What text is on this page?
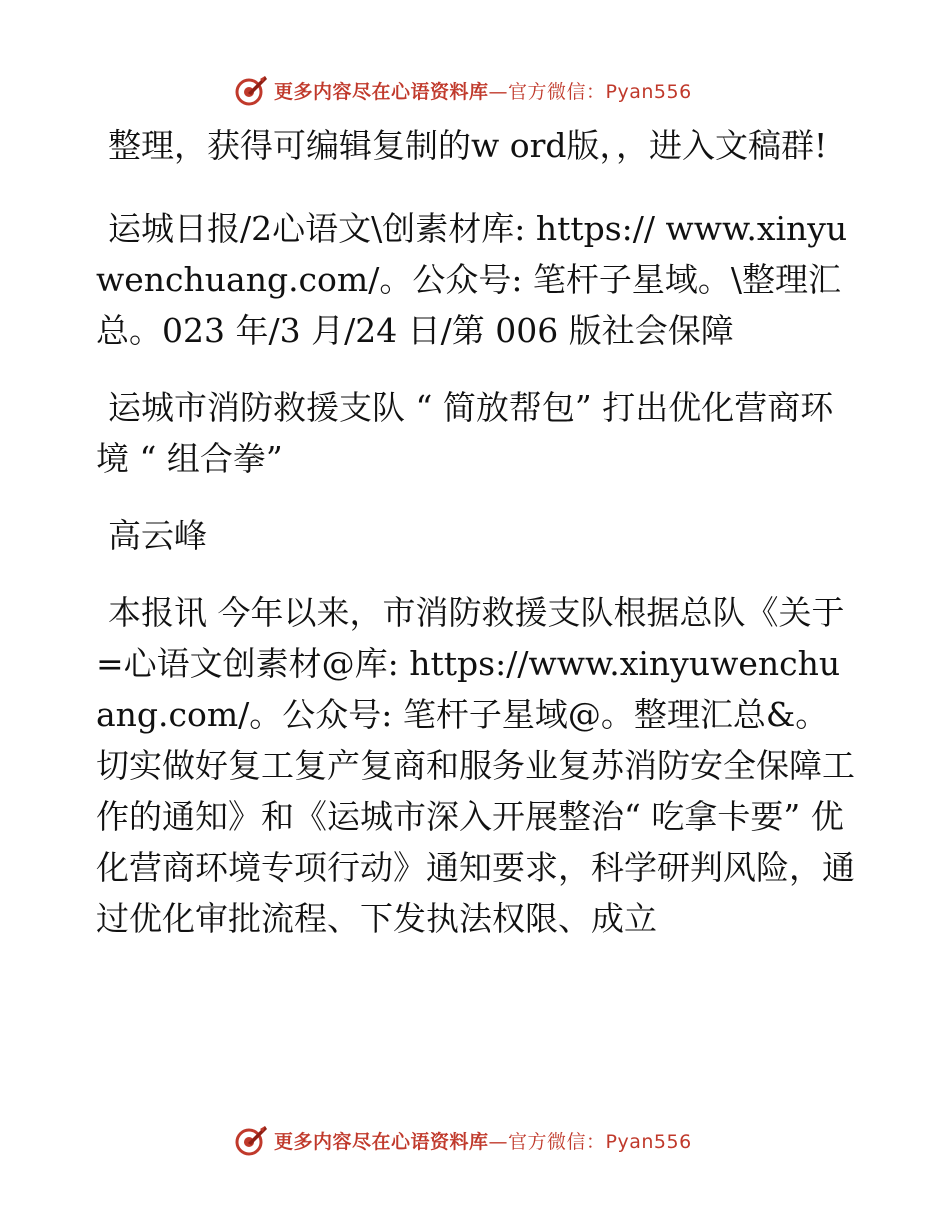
更多内容尽在心语资料库—官方微信：Pyan556

整理，获得可编辑复制的w ord版，，进入文稿群!

运城日报/2心语文\创素材库: https:// www.xinyuwenchuang.com/。公众号: 笔杆子星域。\整理汇总。023 年/3 月/24 日/第 006 版社会保障

运城市消防救援支队 “ 简放帮包” 打出优化营商环境 “ 组合拳”

高云峰

本报讯 今年以来，市消防救援支队根据总队《关于=心语文创素材@库: https://www.xinyuwenchuang.com/。公众号: 笔杆子星域@。整理汇总&。切实做好复工复产复商和服务业复苏消防安全保障工作的通知》和《运城市深入开展整治“ 吃拿卡要” 优化营商环境专项行动》通知要求，科学研判风险，通过优化审批流程、下发执法权限、成立

更多内容尽在心语资料库—官方微信：Pyan556
